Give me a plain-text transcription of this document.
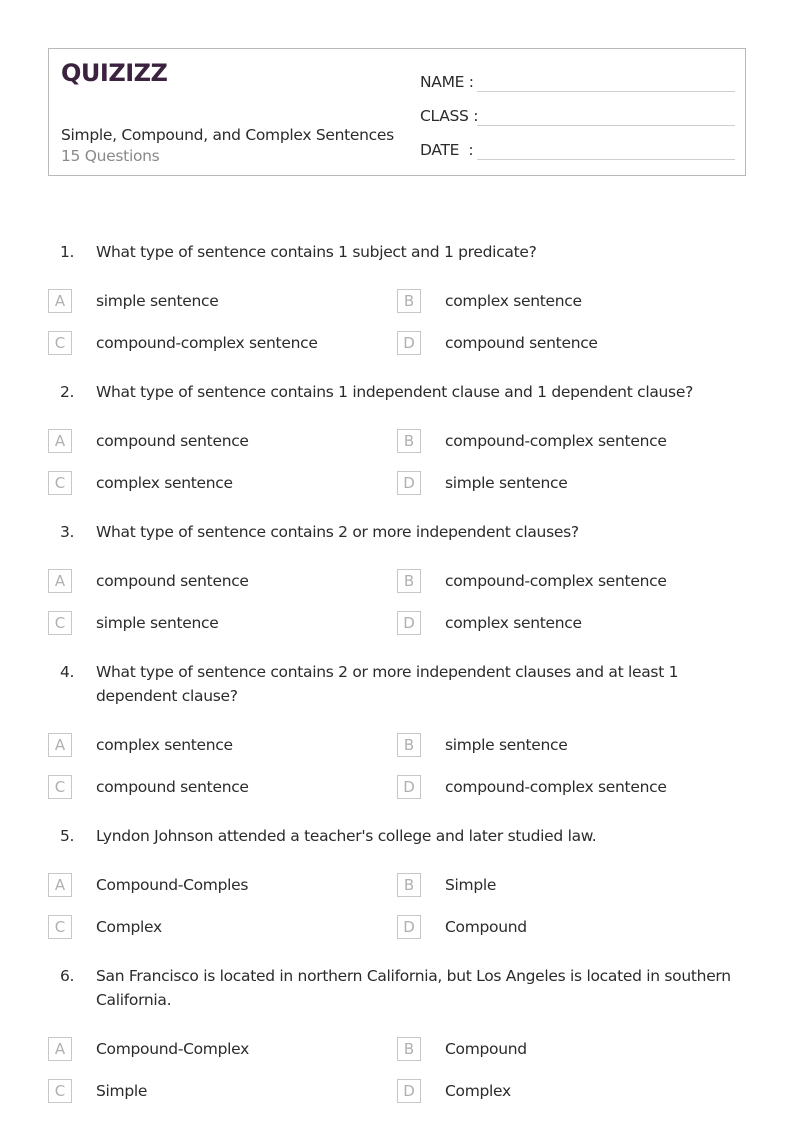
QUIZIZZ
Simple, Compound, and Complex Sentences
15 Questions
NAME :
CLASS :
DATE  :
1. What type of sentence contains 1 subject and 1 predicate?
A	simple sentence	B	complex sentence
C	compound-complex sentence	D	compound sentence
2. What type of sentence contains 1 independent clause and 1 dependent clause?
A	compound sentence	B	compound-complex sentence
C	complex sentence	D	simple sentence
3. What type of sentence contains 2 or more independent clauses?
A	compound sentence	B	compound-complex sentence
C	simple sentence	D	complex sentence
4. What type of sentence contains 2 or more independent clauses and at least 1 dependent clause?
A	complex sentence	B	simple sentence
C	compound sentence	D	compound-complex sentence
5. Lyndon Johnson attended a teacher's college and later studied law.
A	Compound-Comples	B	Simple
C	Complex	D	Compound
6. San Francisco is located in northern California, but Los Angeles is located in southern California.
A	Compound-Complex	B	Compound
C	Simple	D	Complex
